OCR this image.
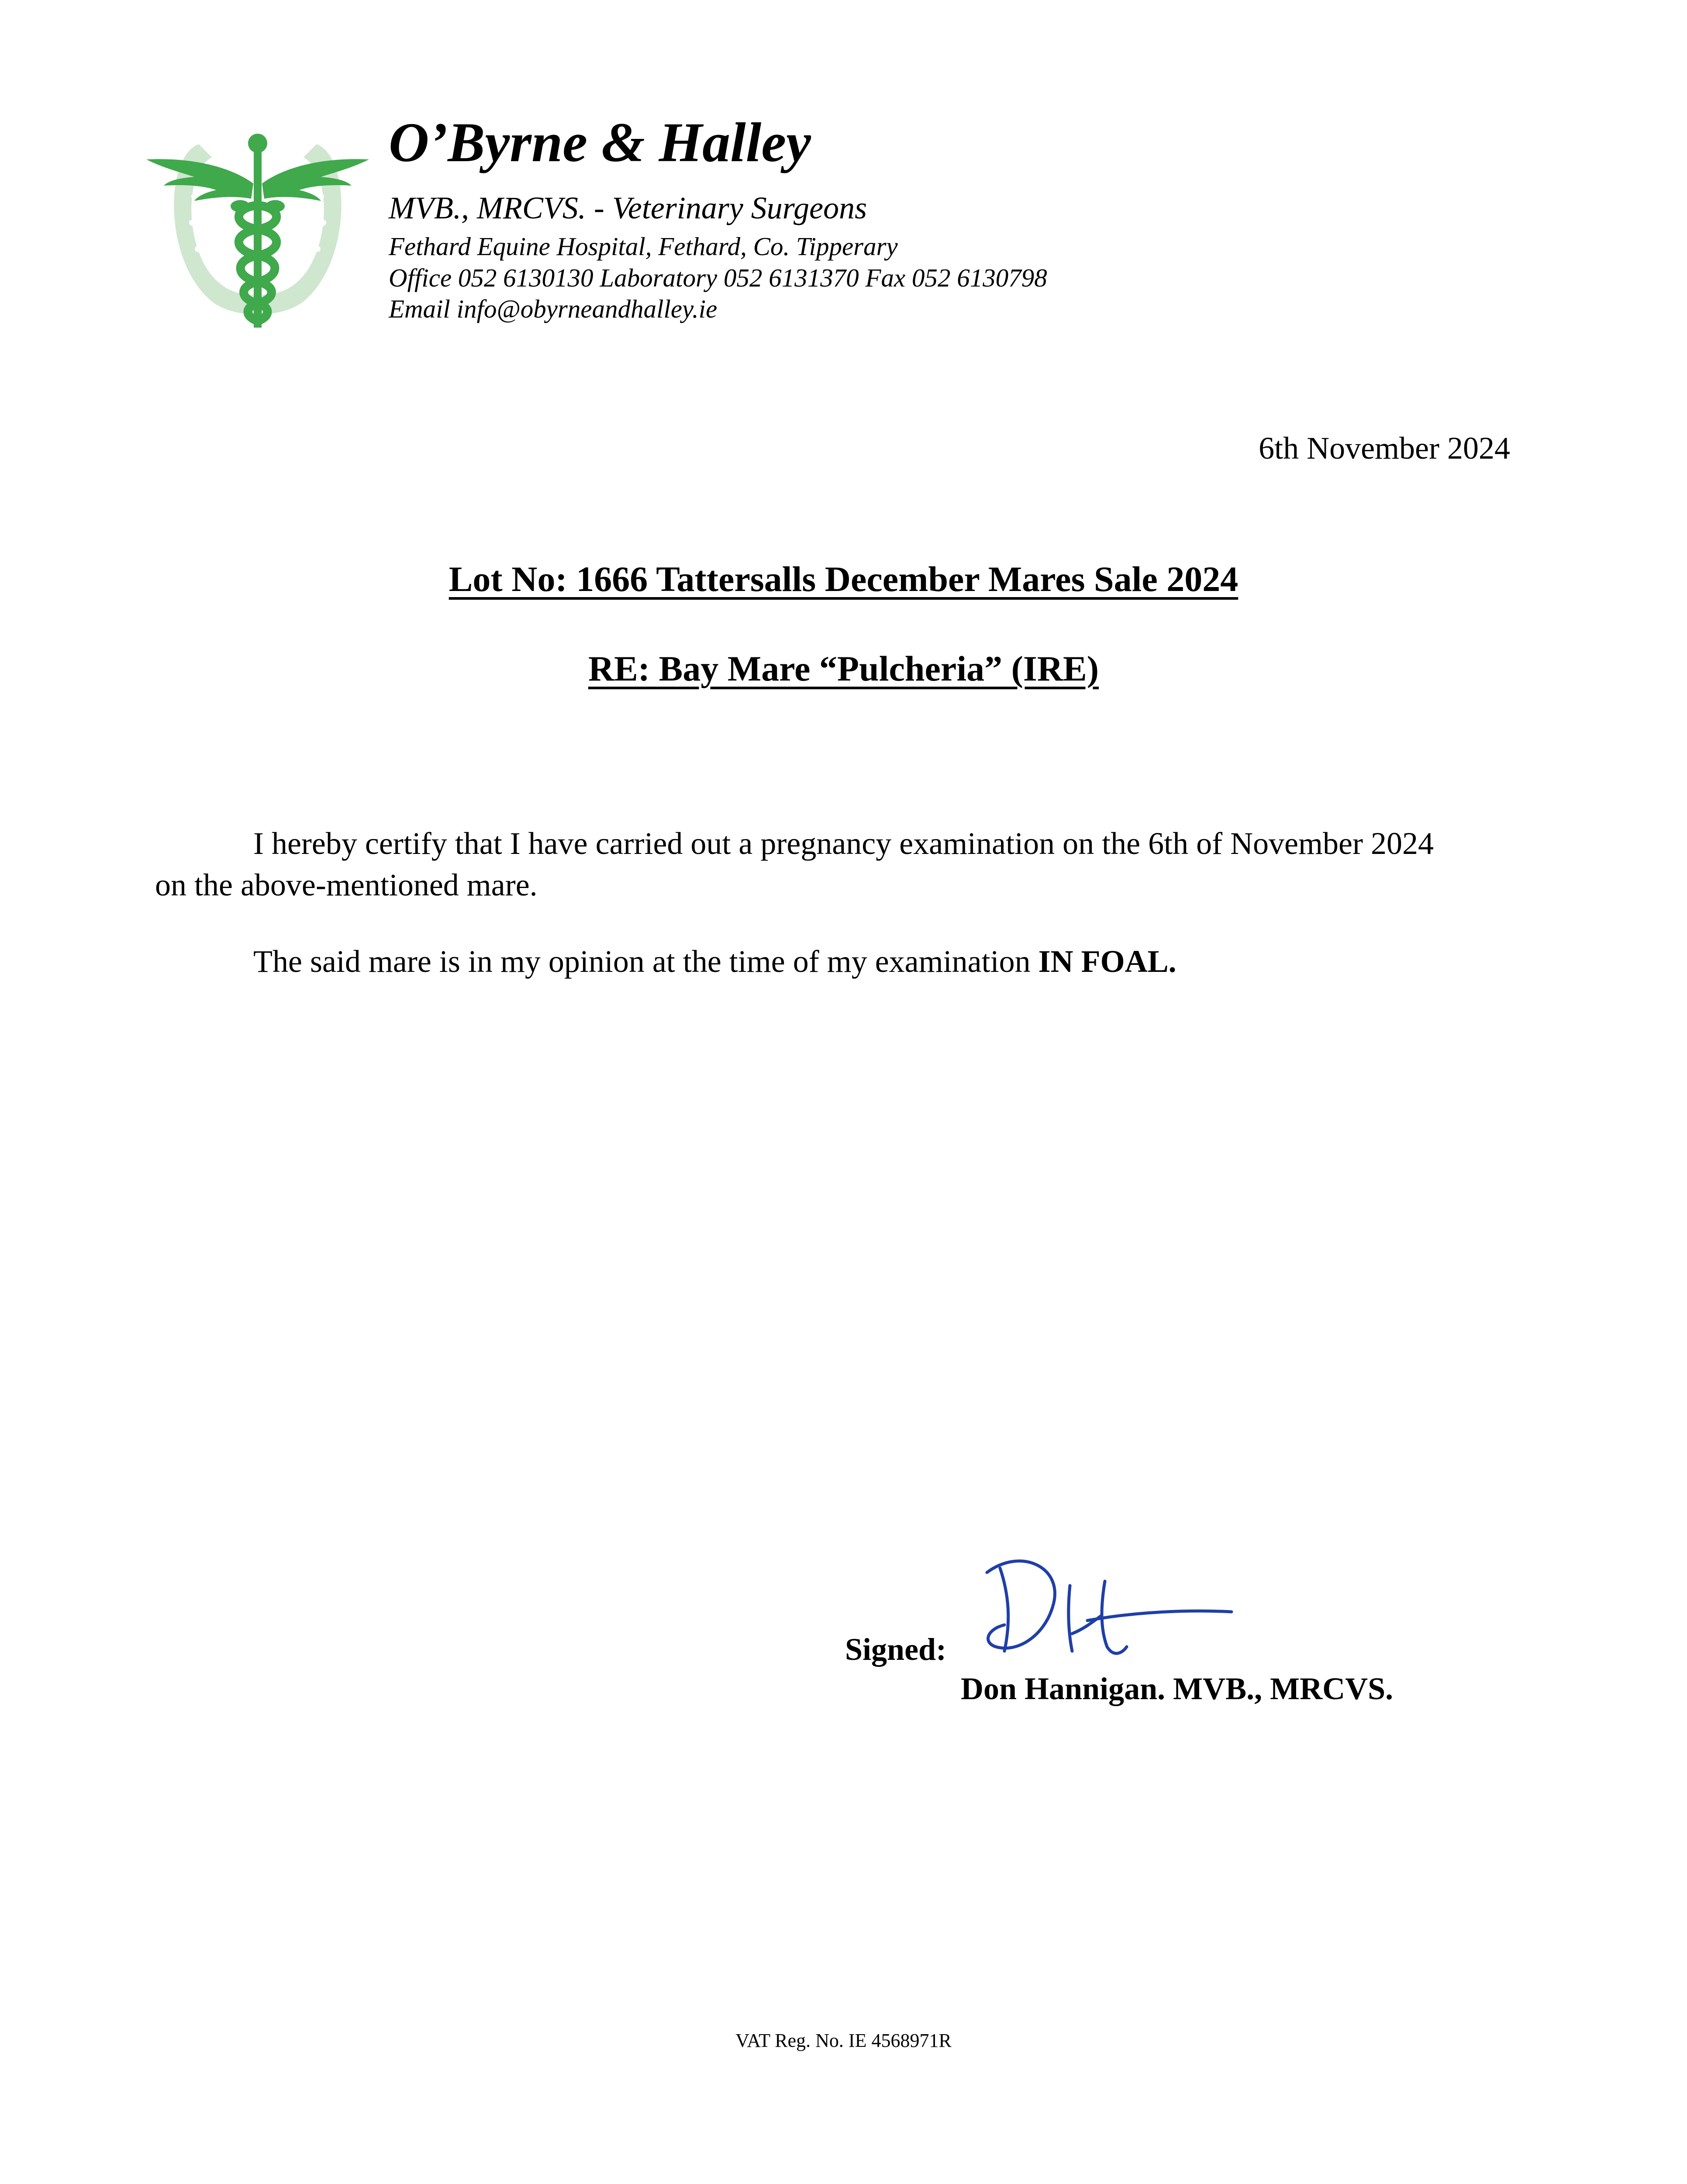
O’Byrne & Halley
MVB., MRCVS. - Veterinary Surgeons
Fethard Equine Hospital, Fethard, Co. Tipperary
Office 052 6130130 Laboratory 052 6131370 Fax 052 6130798
Email info@obyrneandhalley.ie
6th November 2024
Lot No: 1666 Tattersalls December Mares Sale 2024
RE: Bay Mare “Pulcheria” (IRE)
I hereby certify that I have carried out a pregnancy examination on the 6th of November 2024
on the above-mentioned mare.
The said mare is in my opinion at the time of my examination IN FOAL.
Signed:
Don Hannigan. MVB., MRCVS.
VAT Reg. No. IE 4568971R
